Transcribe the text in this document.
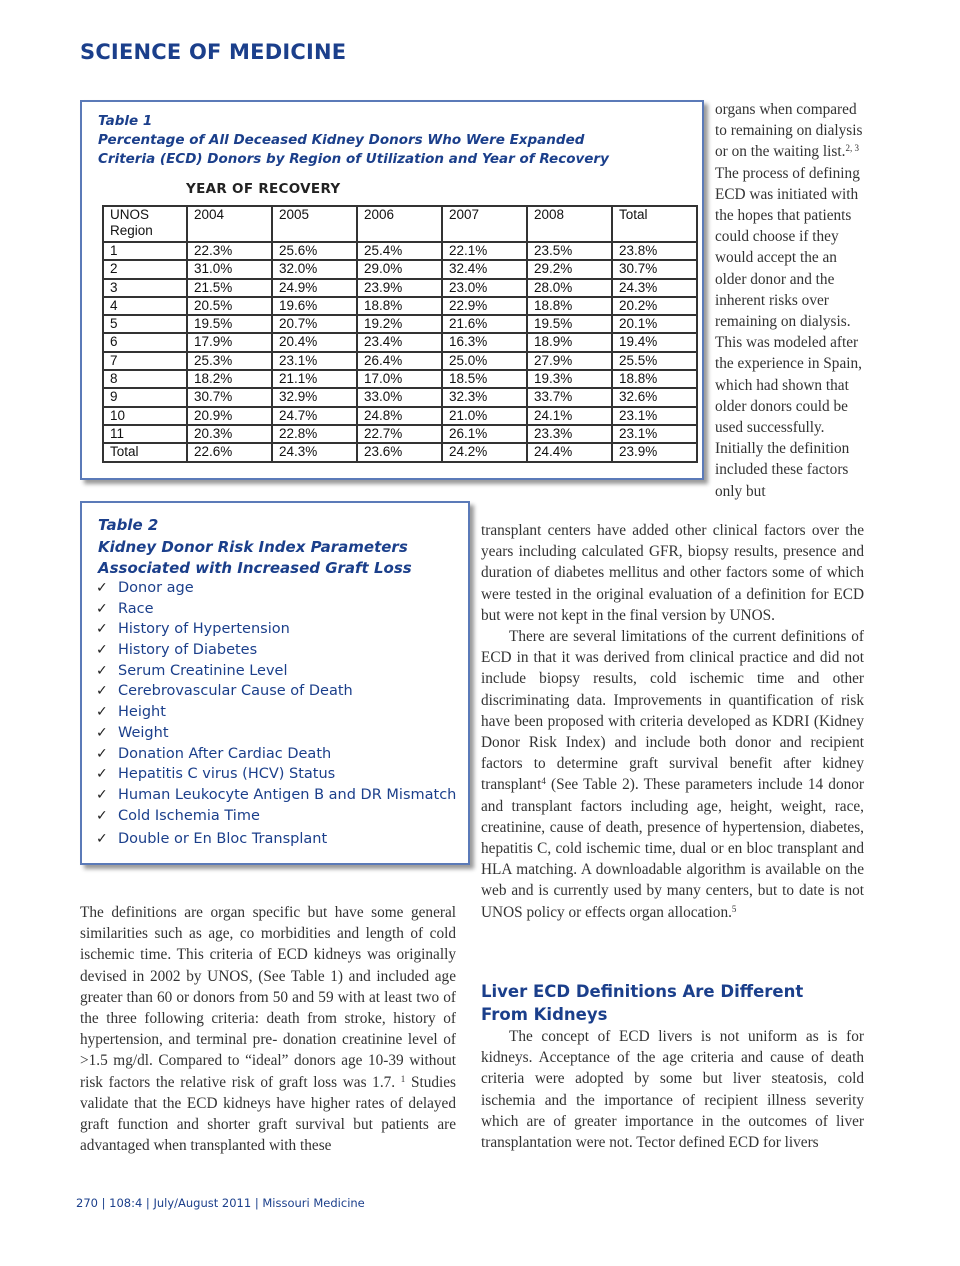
SCIENCE OF MEDICINE
Table 1
Percentage of All Deceased Kidney Donors Who Were Expanded
Criteria (ECD) Donors by Region of Utilization and Year of Recovery
YEAR OF RECOVERY
UNOS
Region	2004	2005	2006	2007	2008	Total
1	22.3%	25.6%	25.4%	22.1%	23.5%	23.8%
2	31.0%	32.0%	29.0%	32.4%	29.2%	30.7%
3	21.5%	24.9%	23.9%	23.0%	28.0%	24.3%
4	20.5%	19.6%	18.8%	22.9%	18.8%	20.2%
5	19.5%	20.7%	19.2%	21.6%	19.5%	20.1%
6	17.9%	20.4%	23.4%	16.3%	18.9%	19.4%
7	25.3%	23.1%	26.4%	25.0%	27.9%	25.5%
8	18.2%	21.1%	17.0%	18.5%	19.3%	18.8%
9	30.7%	32.9%	33.0%	32.3%	33.7%	32.6%
10	20.9%	24.7%	24.8%	21.0%	24.1%	23.1%
11	20.3%	22.8%	22.7%	26.1%	23.3%	23.1%
Total	22.6%	24.3%	23.6%	24.2%	24.4%	23.9%
Table 2
Kidney Donor Risk Index Parameters
Associated with Increased Graft Loss
✓ Donor age
✓ Race
✓ History of Hypertension
✓ History of Diabetes
✓ Serum Creatinine Level
✓ Cerebrovascular Cause of Death
✓ Height
✓ Weight
✓ Donation After Cardiac Death
✓ Hepatitis C virus (HCV) Status
✓ Human Leukocyte Antigen B and DR Mismatch
✓ Cold Ischemia Time
✓ Double or En Bloc Transplant

organs when compared to remaining on dialysis or on the waiting list.$^{2, 3}$ The process of defining ECD was initiated with the hopes that patients could choose if they would accept the an older donor and the inherent risks over remaining on dialysis. This was modeled after the experience in Spain, which had shown that older donors could be used successfully. Initially the definition included these factors only but

transplant centers have added other clinical factors over the years including calculated GFR, biopsy results, presence and duration of diabetes mellitus and other factors some of which were tested in the original evaluation of a definition for ECD but were not kept in the final version by UNOS.

There are several limitations of the current definitions of ECD in that it was derived from clinical practice and did not include biopsy results, cold ischemic time and other discriminating data. Improvements in quantification of risk have been proposed with criteria developed as KDRI (Kidney Donor Risk Index) and include both donor and recipient factors to determine graft survival benefit after kidney transplant$^4$ (See Table 2). These parameters include 14 donor and transplant factors including age, height, weight, race, creatinine, cause of death, presence of hypertension, diabetes, hepatitis C, cold ischemic time, dual or en bloc transplant and HLA matching. A downloadable algorithm is available on the web and is currently used by many centers, but to date is not UNOS policy or effects organ allocation.$^5$

Liver ECD Definitions Are Different
From Kidneys

The concept of ECD livers is not uniform as is for kidneys. Acceptance of the age criteria and cause of death criteria were adopted by some but liver steatosis, cold ischemia and the importance of recipient illness severity which are of greater importance in the outcomes of liver transplantation were not. Tector defined ECD for livers

The definitions are organ specific but have some general similarities such as age, co morbidities and length of cold ischemic time. This criteria of ECD kidneys was originally devised in 2002 by UNOS, (See Table 1) and included age greater than 60 or donors from 50 and 59 with at least two of the three following criteria: death from stroke, history of hypertension, and terminal pre- donation creatinine level of >1.5 mg/dl. Compared to “ideal” donors age 10-39 without risk factors the relative risk of graft loss was 1.7. $^1$ Studies validate that the ECD kidneys have higher rates of delayed graft function and shorter graft survival but patients are advantaged when transplanted with these

270 | 108:4 | July/August 2011 | Missouri Medicine
